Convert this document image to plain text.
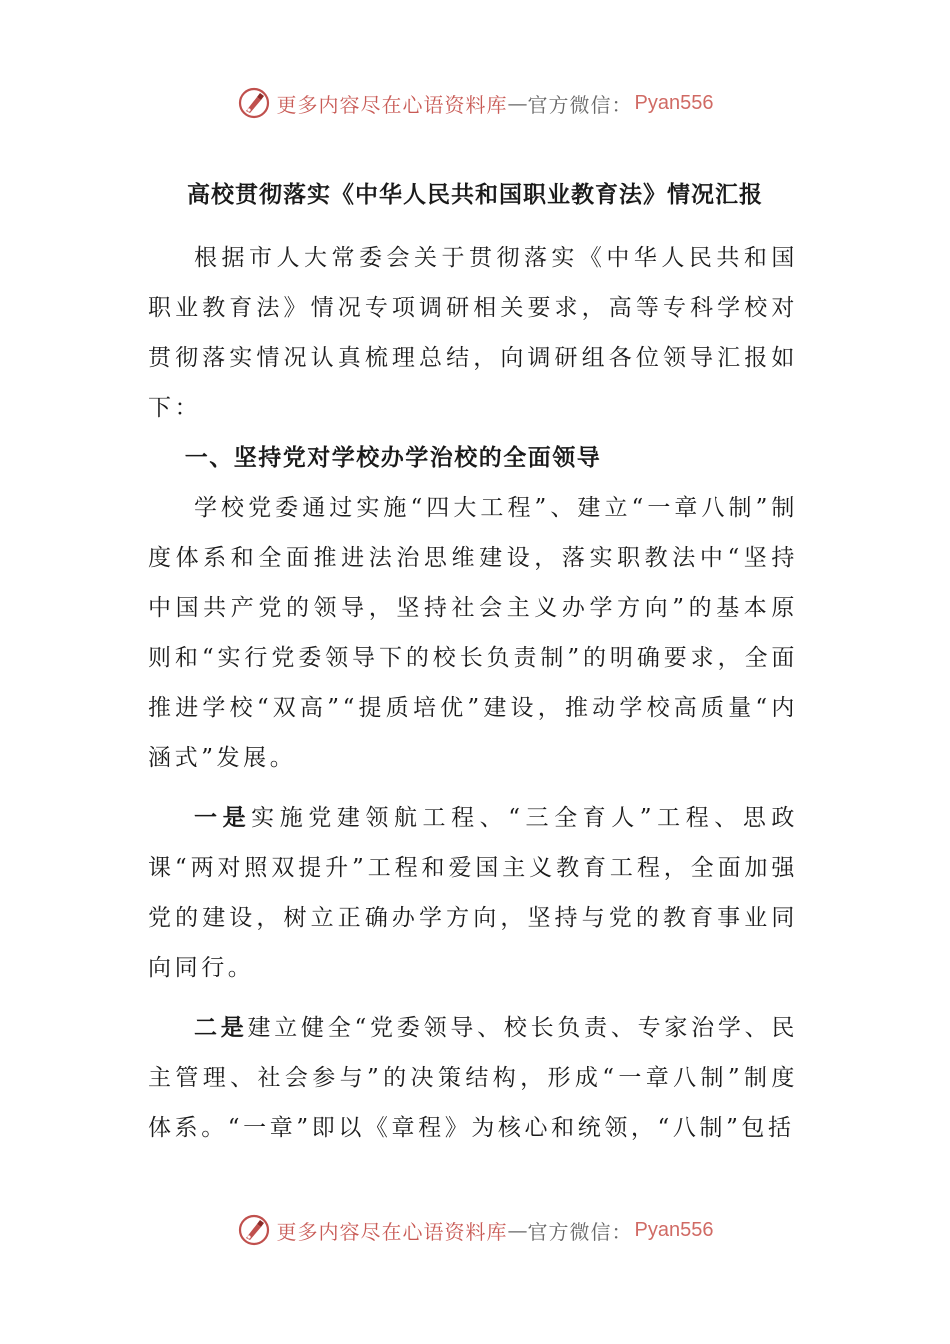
更多内容尽在心语资料库 — 官方微信： Pyan556
高校贯彻落实《中华人民共和国职业教育法》情况汇报

根据市人大常委会关于贯彻落实《中华人民共和国职业教育法》情况专项调研相关要求，高等专科学校对贯彻落实情况认真梳理总结，向调研组各位领导汇报如下：

一、坚持党对学校办学治校的全面领导

学校党委通过实施“四大工程”、建立“一章八制”制度体系和全面推进法治思维建设，落实职教法中“坚持中国共产党的领导，坚持社会主义办学方向”的基本原则和“实行党委领导下的校长负责制”的明确要求，全面推进学校“双高”“提质培优”建设，推动学校高质量“内涵式”发展。

一是实施党建领航工程、“三全育人”工程、思政课“两对照双提升”工程和爱国主义教育工程，全面加强党的建设，树立正确办学方向，坚持与党的教育事业同向同行。

二是建立健全“党委领导、校长负责、专家治学、民主管理、社会参与”的决策结构，形成“一章八制”制度体系。“一章”即以《章程》为核心和统领，“八制”包括

更多内容尽在心语资料库 — 官方微信： Pyan556
